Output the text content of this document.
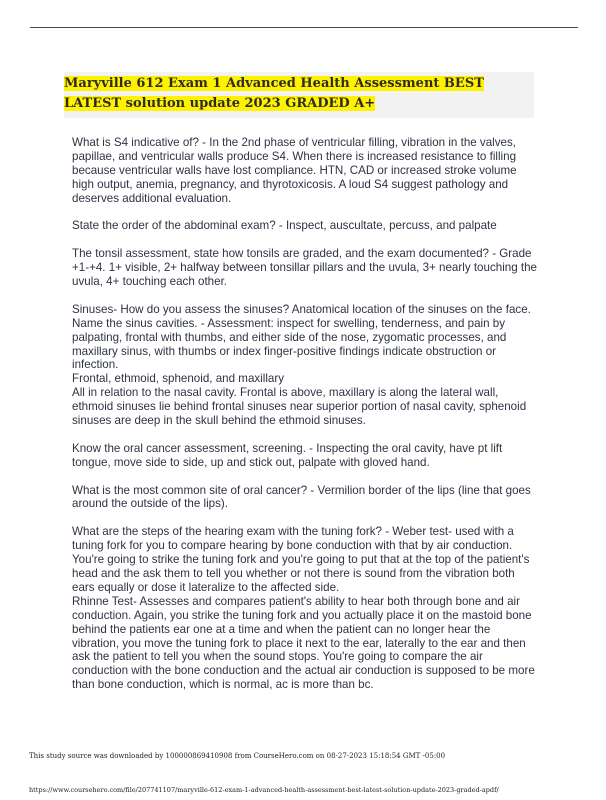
Maryville 612 Exam 1 Advanced Health Assessment BEST LATEST solution update 2023 GRADED A+

What is S4 indicative of? - In the 2nd phase of ventricular filling, vibration in the valves, papillae, and ventricular walls produce S4. When there is increased resistance to filling because ventricular walls have lost compliance. HTN, CAD or increased stroke volume high output, anemia, pregnancy, and thyrotoxicosis. A loud S4 suggest pathology and deserves additional evaluation.

State the order of the abdominal exam? - Inspect, auscultate, percuss, and palpate

The tonsil assessment, state how tonsils are graded, and the exam documented? - Grade +1-+4. 1+ visible, 2+ halfway between tonsillar pillars and the uvula, 3+ nearly touching the uvula, 4+ touching each other.

Sinuses- How do you assess the sinuses? Anatomical location of the sinuses on the face. Name the sinus cavities. - Assessment: inspect for swelling, tenderness, and pain by palpating, frontal with thumbs, and either side of the nose, zygomatic processes, and maxillary sinus, with thumbs or index finger-positive findings indicate obstruction or infection.

Frontal, ethmoid, sphenoid, and maxillary

All in relation to the nasal cavity. Frontal is above, maxillary is along the lateral wall, ethmoid sinuses lie behind frontal sinuses near superior portion of nasal cavity, sphenoid sinuses are deep in the skull behind the ethmoid sinuses.

Know the oral cancer assessment, screening. - Inspecting the oral cavity, have pt lift tongue, move side to side, up and stick out, palpate with gloved hand.

What is the most common site of oral cancer? - Vermilion border of the lips (line that goes around the outside of the lips).

What are the steps of the hearing exam with the tuning fork? - Weber test- used with a tuning fork for you to compare hearing by bone conduction with that by air conduction. You're going to strike the tuning fork and you're going to put that at the top of the patient's head and the ask them to tell you whether or not there is sound from the vibration both ears equally or dose it lateralize to the affected side.

Rhinne Test- Assesses and compares patient's ability to hear both through bone and air conduction. Again, you strike the tuning fork and you actually place it on the mastoid bone behind the patients ear one at a time and when the patient can no longer hear the vibration, you move the tuning fork to place it next to the ear, laterally to the ear and then ask the patient to tell you when the sound stops. You're going to compare the air conduction with the bone conduction and the actual air conduction is supposed to be more than bone conduction, which is normal, ac is more than bc.

This study source was downloaded by 100000869410908 from CourseHero.com on 08-27-2023 15:18:54 GMT -05:00
https://www.coursehero.com/file/207741107/maryville-612-exam-1-advanced-health-assessment-best-latest-solution-update-2023-graded-apdf/
